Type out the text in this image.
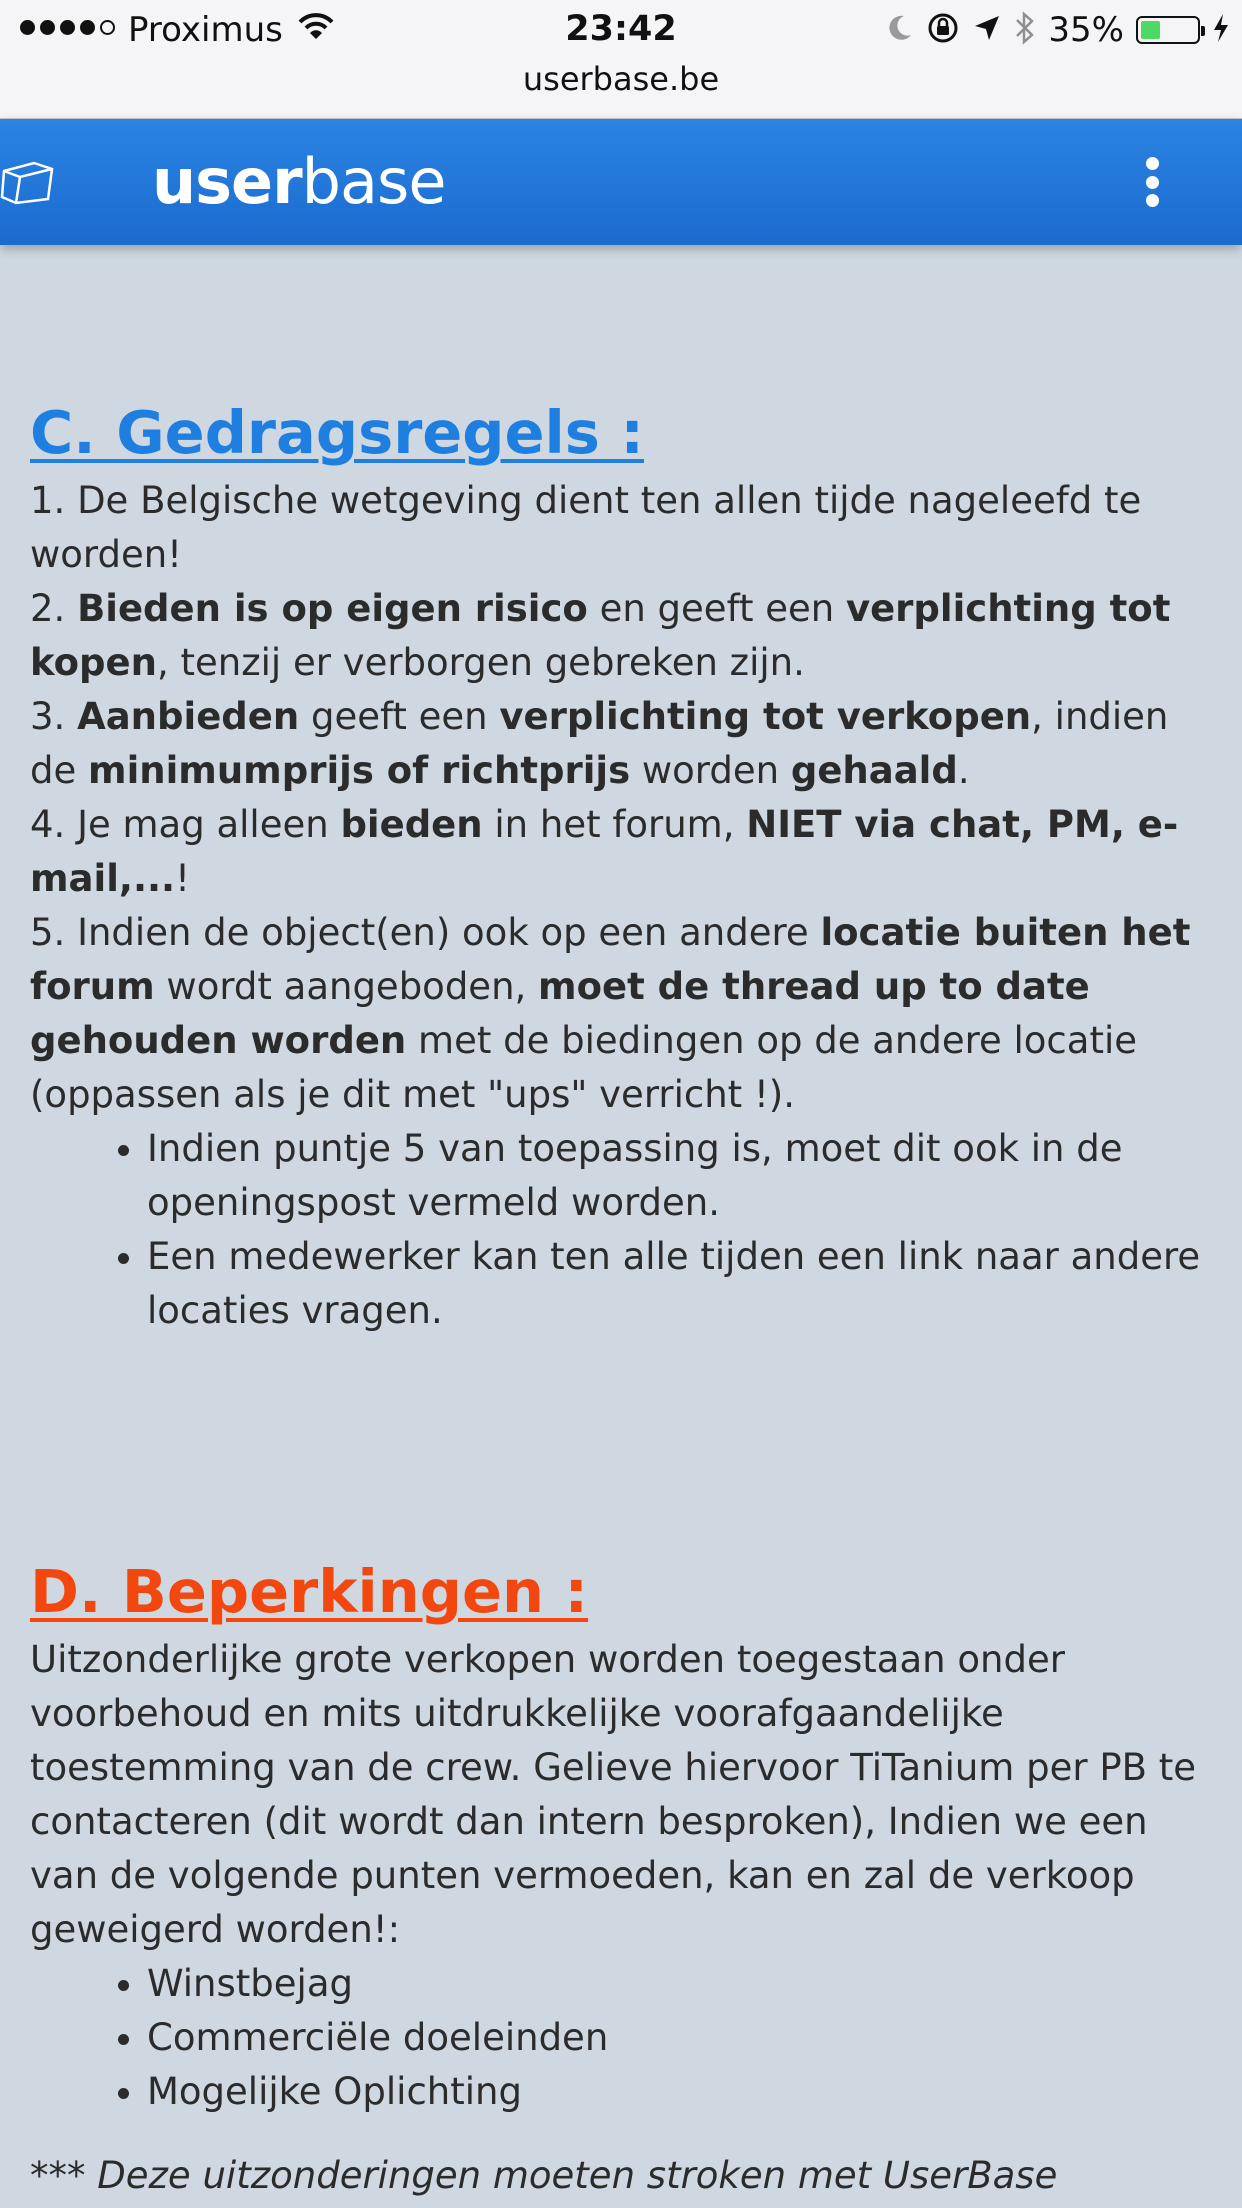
Proximus	23:42	35%
userbase.be
userbase
C. Gedragsregels :

1. De Belgische wetgeving dient ten allen tijde nageleefd te worden!

2. Bieden is op eigen risico en geeft een verplichting tot kopen, tenzij er verborgen gebreken zijn.

3. Aanbieden geeft een verplichting tot verkopen, indien de minimumprijs of richtprijs worden gehaald.

4. Je mag alleen bieden in het forum, NIET via chat, PM, e-mail,...!

5. Indien de object(en) ook op een andere locatie buiten het forum wordt aangeboden, moet de thread up to date gehouden worden met de biedingen op de andere locatie (oppassen als je dit met "ups" verricht !).

• Indien puntje 5 van toepassing is, moet dit ook in de openingspost vermeld worden.
• Een medewerker kan ten alle tijden een link naar andere locaties vragen.
D. Beperkingen :

Uitzonderlijke grote verkopen worden toegestaan onder voorbehoud en mits uitdrukkelijke voorafgaandelijke toestemming van de crew. Gelieve hiervoor TiTanium per PB te contacteren (dit wordt dan intern besproken), Indien we een van de volgende punten vermoeden, kan en zal de verkoop geweigerd worden!:

• Winstbejag
• Commerciële doeleinden
• Mogelijke Oplichting

*** Deze uitzonderingen moeten stroken met UserBase
